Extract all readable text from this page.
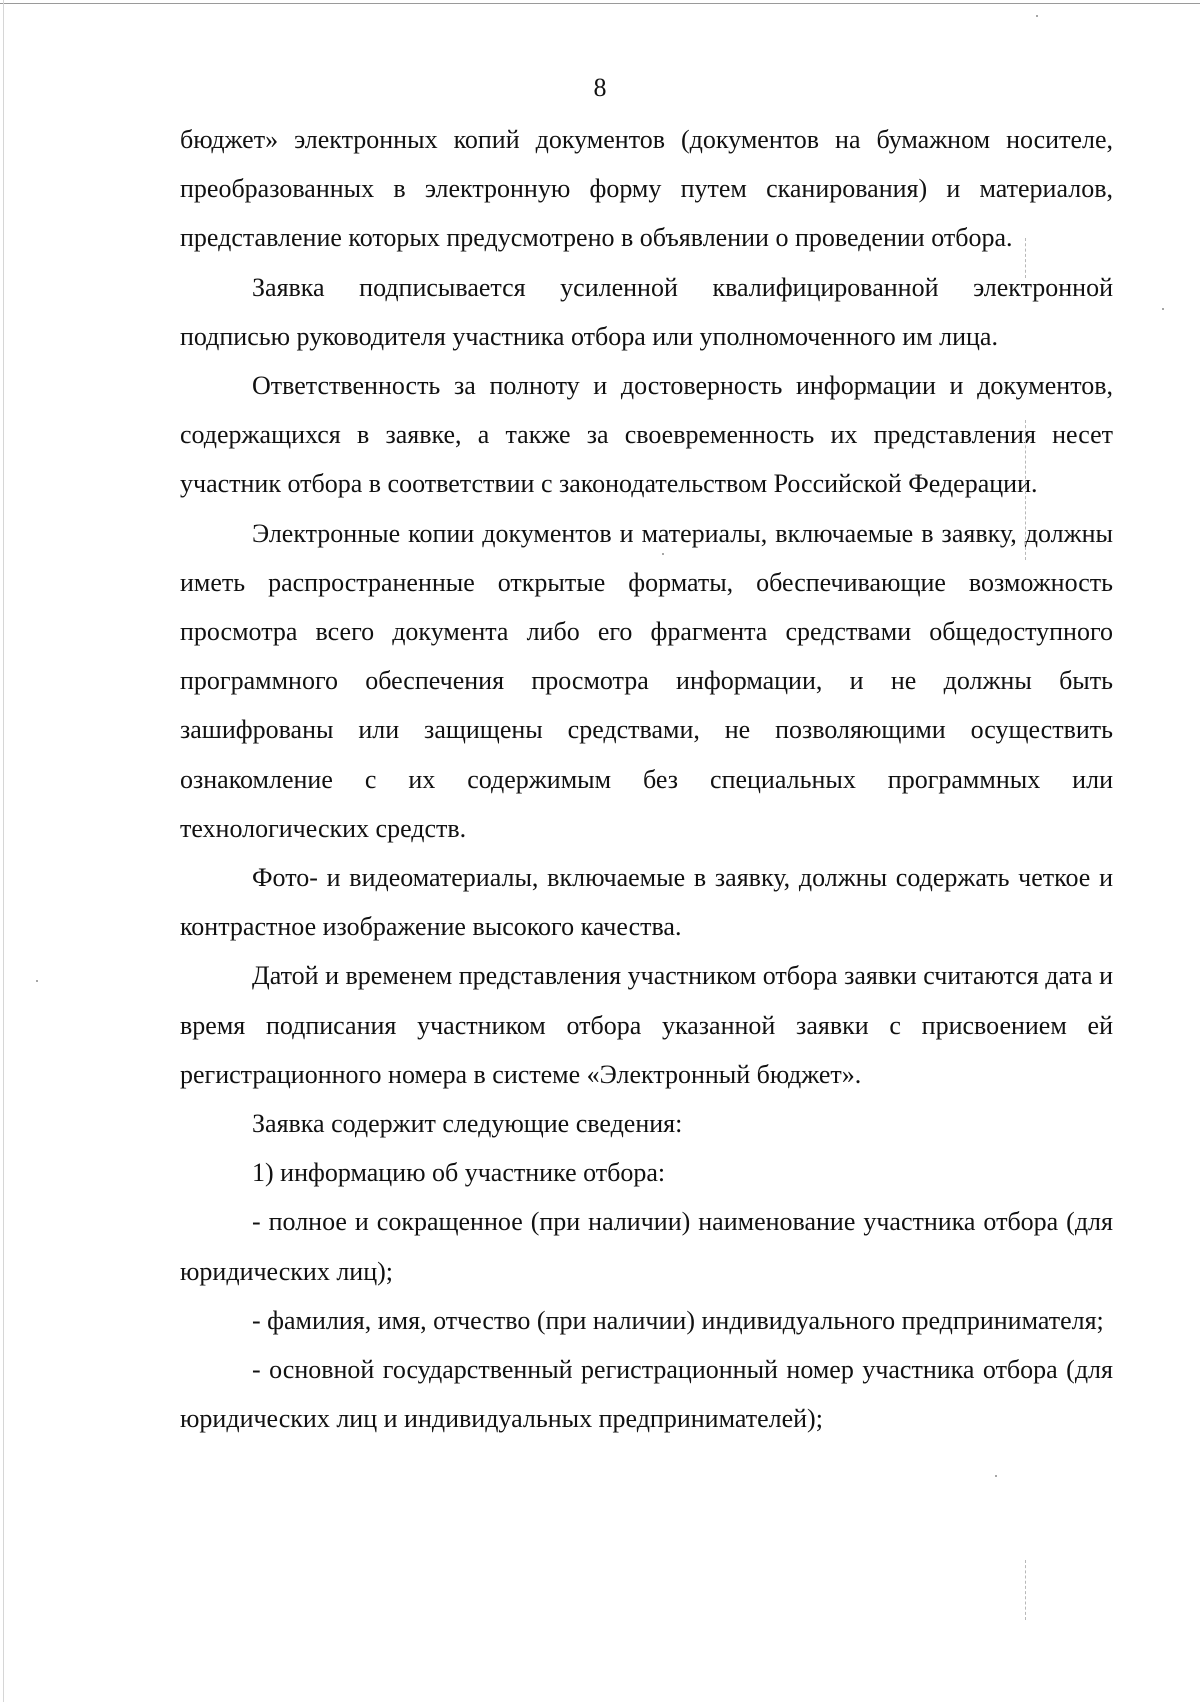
8

бюджет» электронных копий документов (документов на бумажном носителе, преобразованных в электронную форму путем сканирования) и материалов, представление которых предусмотрено в объявлении о проведении отбора.

Заявка подписывается усиленной квалифицированной электронной подписью руководителя участника отбора или уполномоченного им лица.

Ответственность за полноту и достоверность информации и документов, содержащихся в заявке, а также за своевременность их представления несет участник отбора в соответствии с законодательством Российской Федерации.

Электронные копии документов и материалы, включаемые в заявку, должны иметь распространенные открытые форматы, обеспечивающие возможность просмотра всего документа либо его фрагмента средствами общедоступного программного обеспечения просмотра информации, и не должны быть зашифрованы или защищены средствами, не позволяющими осуществить ознакомление с их содержимым без специальных программных или технологических средств.

Фото- и видеоматериалы, включаемые в заявку, должны содержать четкое и контрастное изображение высокого качества.

Датой и временем представления участником отбора заявки считаются дата и время подписания участником отбора указанной заявки с присвоением ей регистрационного номера в системе «Электронный бюджет».

Заявка содержит следующие сведения:

1) информацию об участнике отбора:

- полное и сокращенное (при наличии) наименование участника отбора (для юридических лиц);

- фамилия, имя, отчество (при наличии) индивидуального предпринимателя;

- основной государственный регистрационный номер участника отбора (для юридических лиц и индивидуальных предпринимателей);
